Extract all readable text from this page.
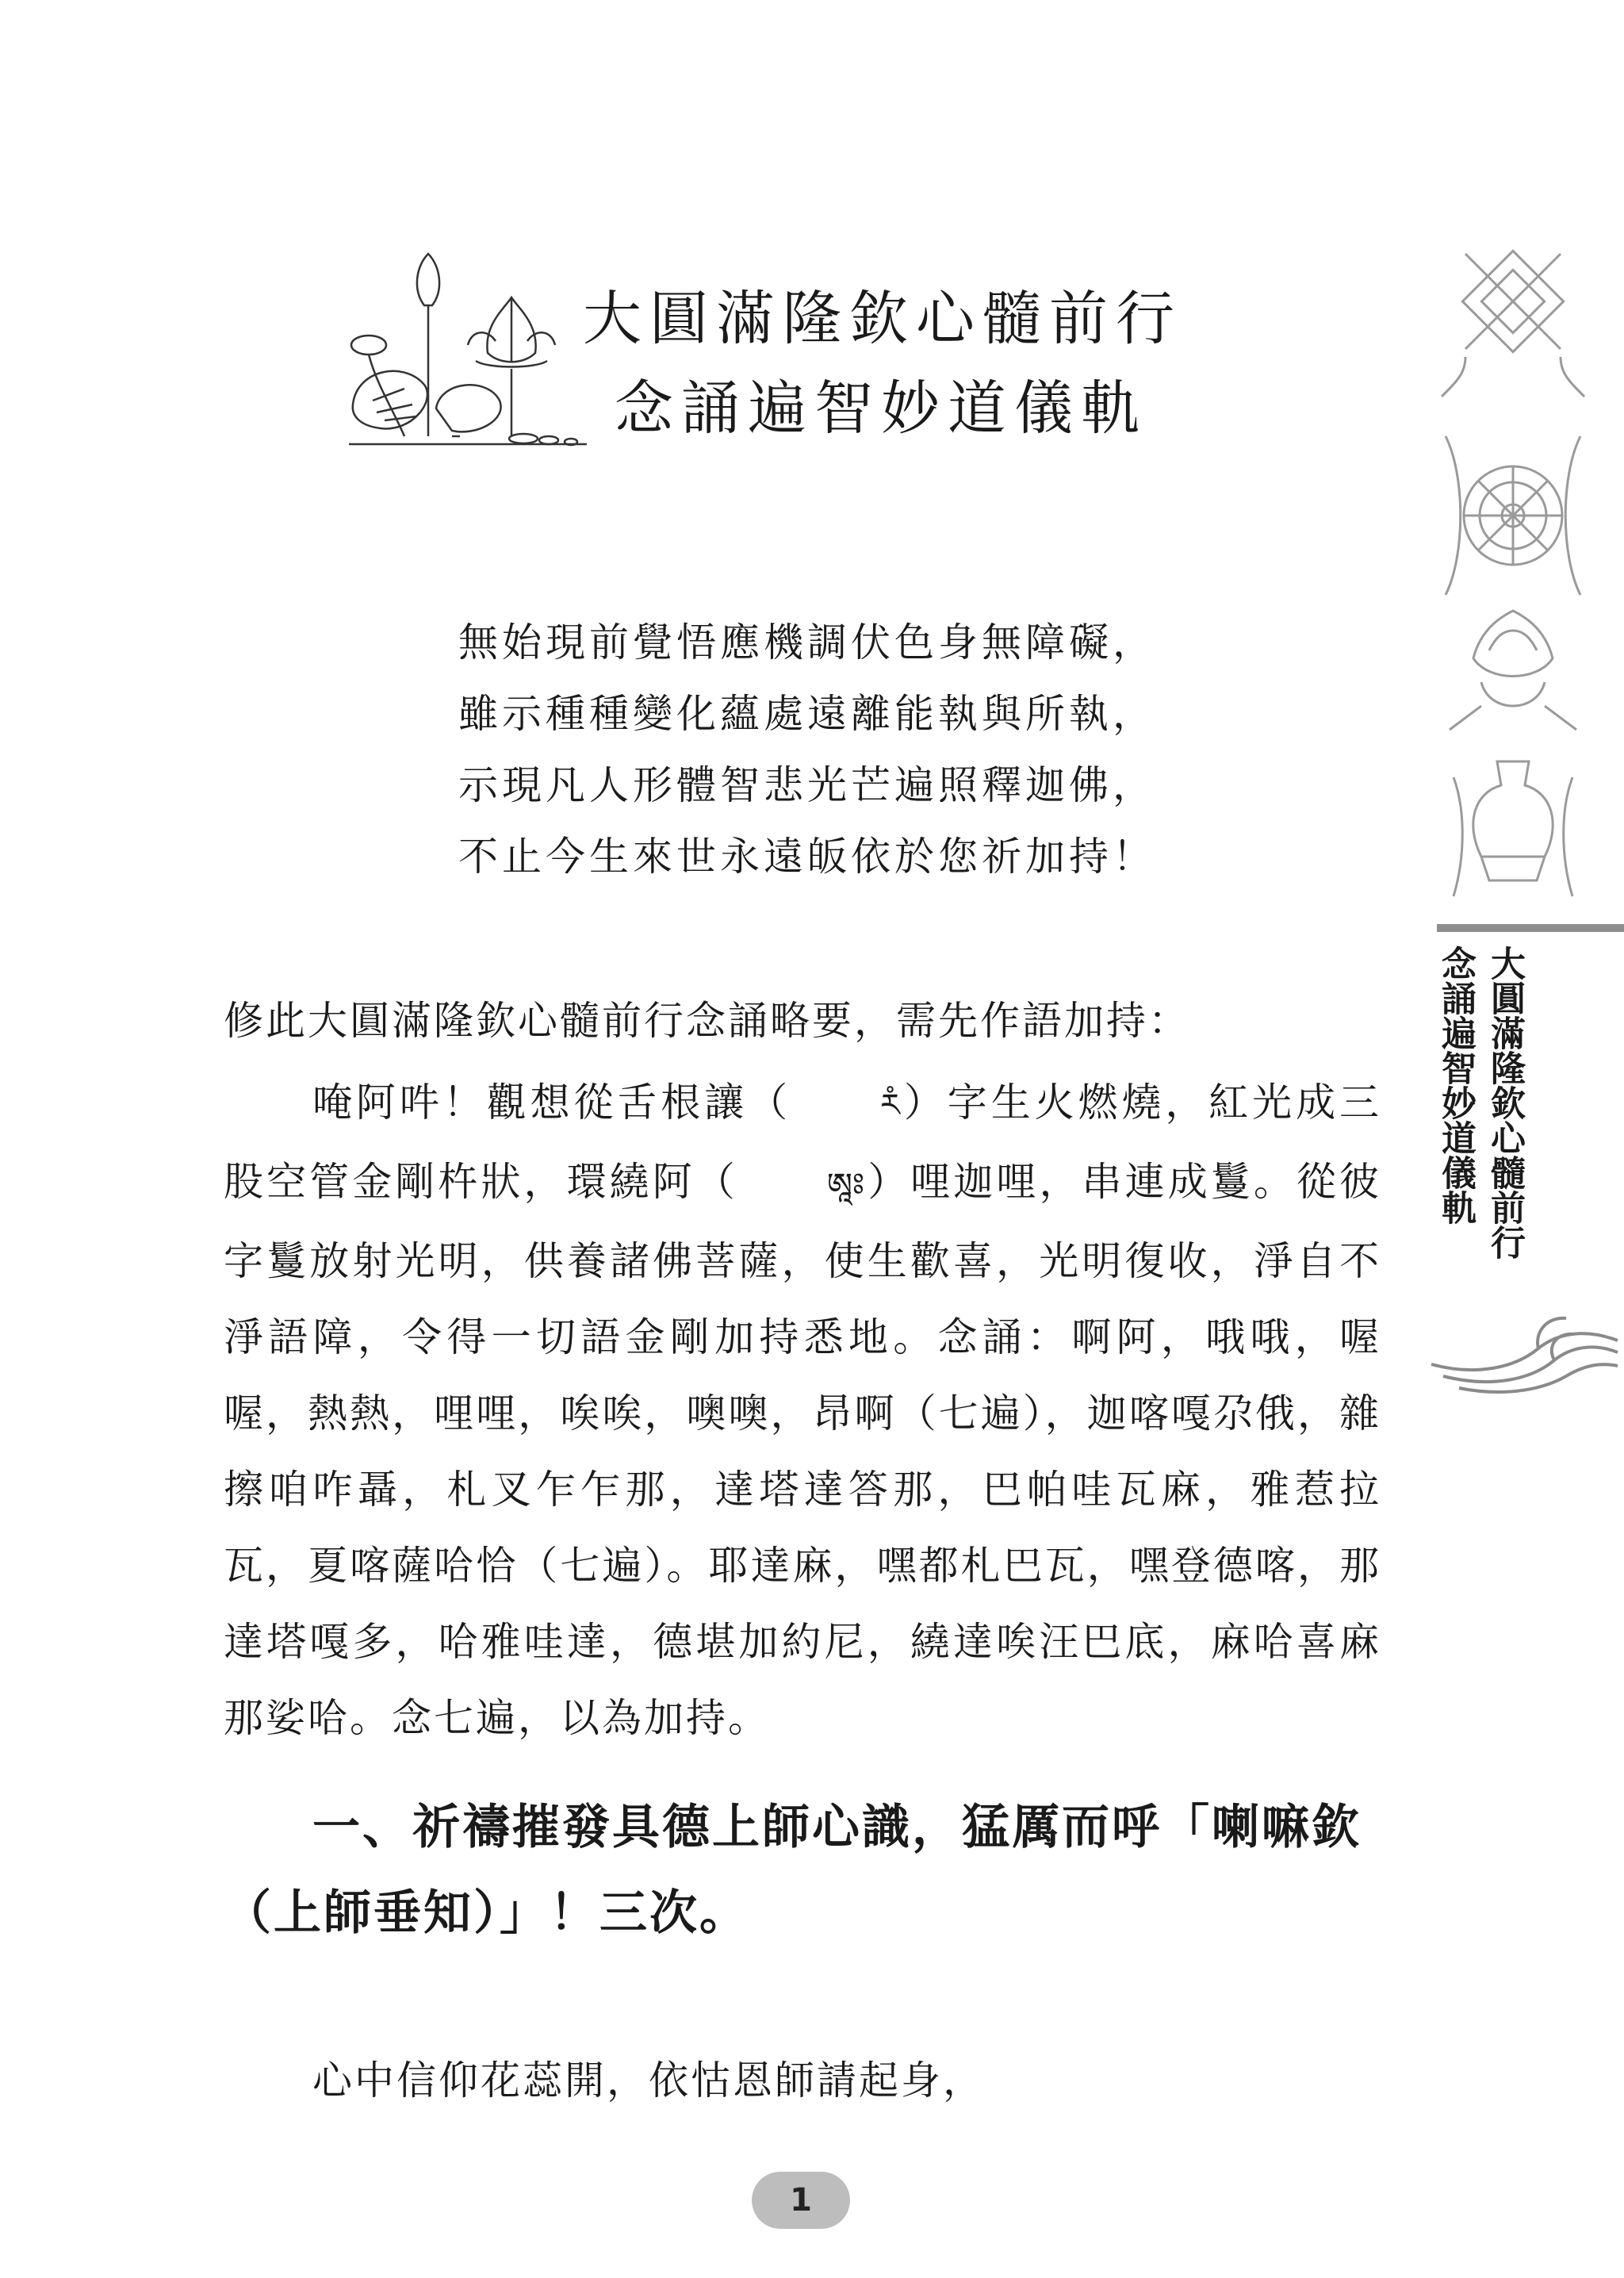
大圓滿隆欽心髓前行
念誦遍智妙道儀軌
無始現前覺悟應機調伏色身無障礙，
雖示種種變化蘊處遠離能執與所執，
示現凡人形體智悲光芒遍照釋迦佛，
不止今生來世永遠皈依於您祈加持！
修此大圓滿隆欽心髓前行念誦略要，需先作語加持：
唵阿吽！觀想從舌根讓（	ཪཾ）字生火燃燒，紅光成三股空管金剛杵狀，環繞阿（	ཨཱཿ）哩迦哩，串連成鬘。從彼字鬘放射光明，供養諸佛菩薩，使生歡喜，光明復收，淨自不淨語障，令得一切語金剛加持悉地。念誦：啊阿，哦哦，喔喔，熱熱，哩哩，唉唉，噢噢，昂啊（七遍），迦喀嘎尕俄，雜擦咱咋聶，札叉乍乍那，達塔達答那，巴帕哇瓦麻，雅惹拉瓦，夏喀薩哈恰（七遍）。耶達麻，嘿都札巴瓦，嘿登德喀，那達塔嘎多，哈雅哇達，德堪加約尼，繞達唉汪巴底，麻哈喜麻那娑哈。念七遍，以為加持。
一、祈禱摧發具德上師心識，猛厲而呼「喇嘛欽（上師垂知）」！三次。
心中信仰花蕊開，依怙恩師請起身，
1
大圓滿隆欽心髓前行
念誦遍智妙道儀軌
